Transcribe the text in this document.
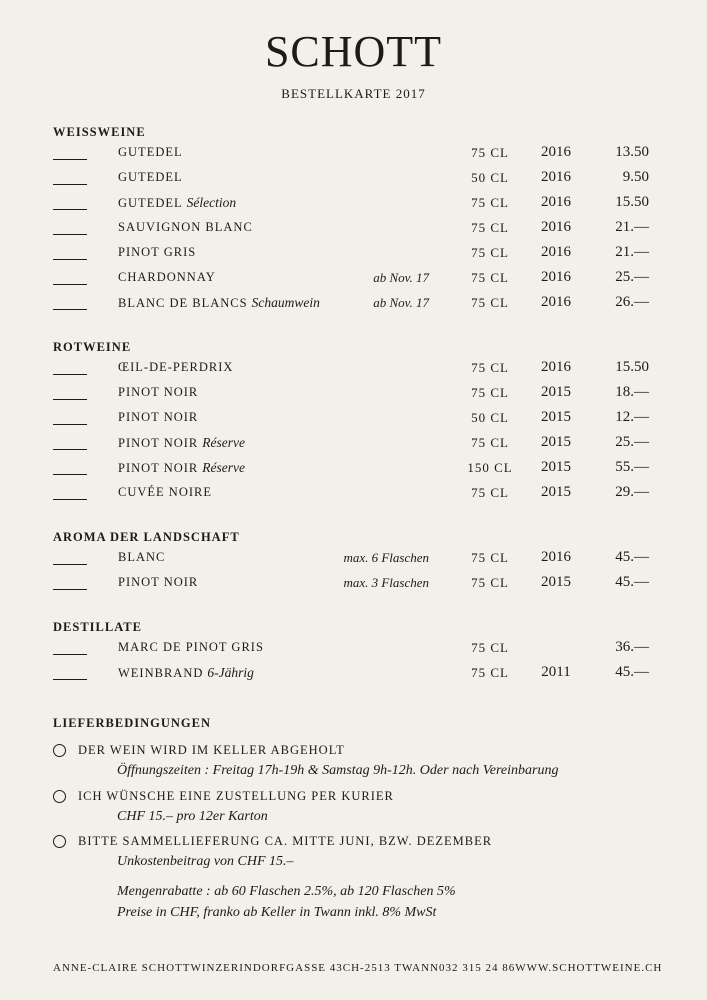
SCHOTT
BESTELLKARTE 2017
WEISSWEINE
GUTEDEL	75 CL	2016	13.50
GUTEDEL	50 CL	2016	9.50
GUTEDEL Sélection	75 CL	2016	15.50
SAUVIGNON BLANC	75 CL	2016	21.—
PINOT GRIS	75 CL	2016	21.—
CHARDONNAY	ab Nov. 17	75 CL	2016	25.—
BLANC DE BLANCS Schaumwein	ab Nov. 17	75 CL	2016	26.—
ROTWEINE
ŒIL-DE-PERDRIX	75 CL	2016	15.50
PINOT NOIR	75 CL	2015	18.—
PINOT NOIR	50 CL	2015	12.—
PINOT NOIR Réserve	75 CL	2015	25.—
PINOT NOIR Réserve	150 CL	2015	55.—
CUVÉE NOIRE	75 CL	2015	29.—
AROMA DER LANDSCHAFT
BLANC	max. 6 Flaschen	75 CL	2016	45.—
PINOT NOIR	max. 3 Flaschen	75 CL	2015	45.—
DESTILLATE
MARC DE PINOT GRIS	75 CL	36.—
WEINBRAND 6-Jährig	75 CL	2011	45.—
LIEFERBEDINGUNGEN
DER WEIN WIRD IM KELLER ABGEHOLT
Öffnungszeiten : Freitag 17h-19h & Samstag 9h-12h. Oder nach Vereinbarung
ICH WÜNSCHE EINE ZUSTELLUNG PER KURIER
CHF 15.– pro 12er Karton
BITTE SAMMELLIEFERUNG CA. MITTE JUNI, BZW. DEZEMBER
Unkostenbeitrag von CHF 15.–
Mengenrabatte : ab 60 Flaschen 2.5%, ab 120 Flaschen 5%
Preise in CHF, franko ab Keller in Twann inkl. 8% MwSt
ANNE-CLAIRE SCHOTT WINZERIN DORFGASSE 43 CH-2513 TWANN 032 315 24 86 WWW.SCHOTTWEINE.CH
